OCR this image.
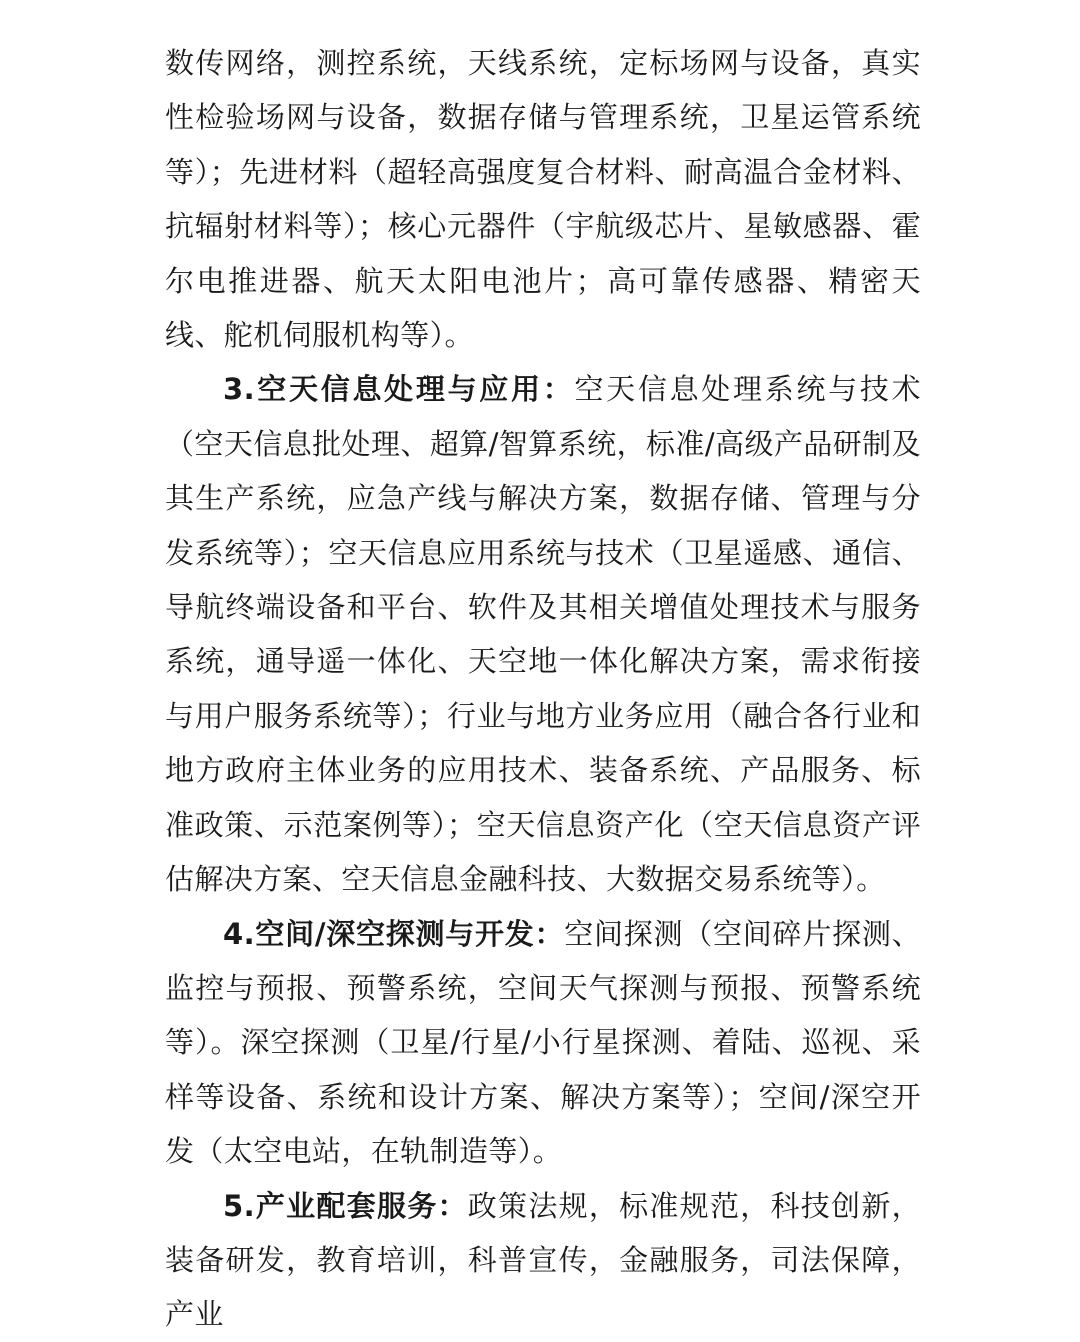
数传网络，测控系统，天线系统，定标场网与设备，真实性检验场网与设备，数据存储与管理系统，卫星运管系统等）；先进材料（超轻高强度复合材料、耐高温合金材料、抗辐射材料等）；核心元器件（宇航级芯片、星敏感器、霍尔电推进器、航天太阳电池片；高可靠传感器、精密天线、舵机伺服机构等）。

3.空天信息处理与应用：空天信息处理系统与技术（空天信息批处理、超算/智算系统，标准/高级产品研制及其生产系统，应急产线与解决方案，数据存储、管理与分发系统等）；空天信息应用系统与技术（卫星遥感、通信、导航终端设备和平台、软件及其相关增值处理技术与服务系统，通导遥一体化、天空地一体化解决方案，需求衔接与用户服务系统等）；行业与地方业务应用（融合各行业和地方政府主体业务的应用技术、装备系统、产品服务、标准政策、示范案例等）；空天信息资产化（空天信息资产评估解决方案、空天信息金融科技、大数据交易系统等）。

4.空间/深空探测与开发：空间探测（空间碎片探测、监控与预报、预警系统，空间天气探测与预报、预警系统等）。深空探测（卫星/行星/小行星探测、着陆、巡视、采样等设备、系统和设计方案、解决方案等）；空间/深空开发（太空电站，在轨制造等）。

5.产业配套服务：政策法规，标准规范，科技创新，装备研发，教育培训，科普宣传，金融服务，司法保障，产业
